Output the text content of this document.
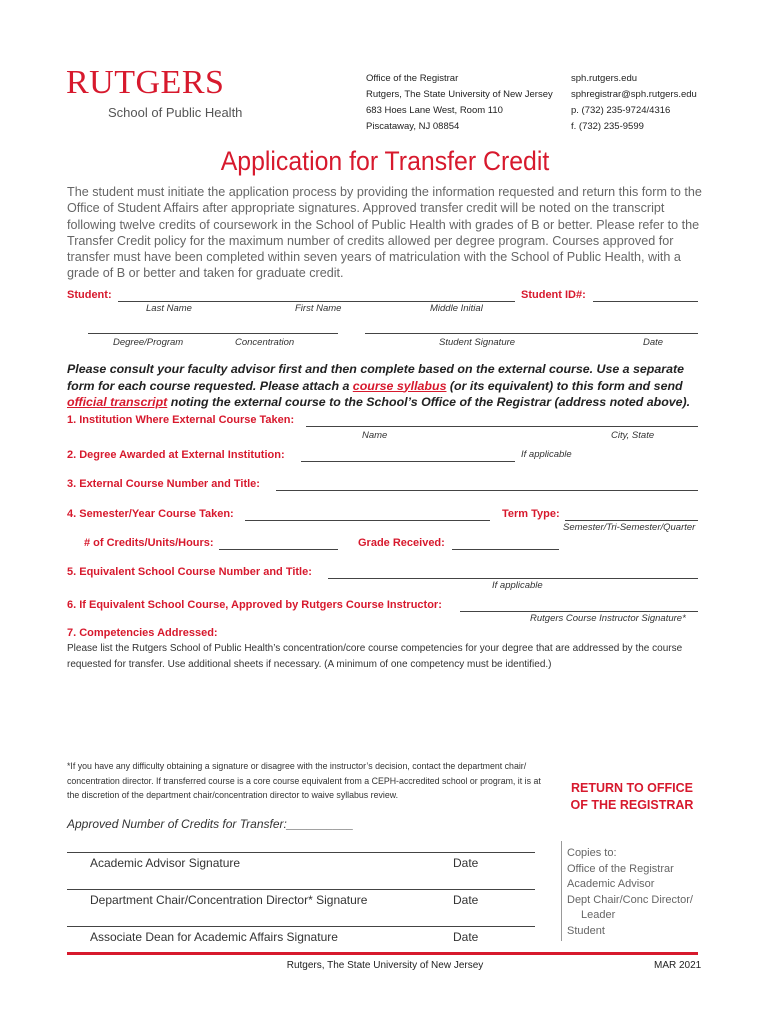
RUTGERS
School of Public Health
Office of the Registrar
Rutgers, The State University of New Jersey
683 Hoes Lane West, Room 110
Piscataway, NJ 08854
sph.rutgers.edu
sphregistrar@sph.rutgers.edu
p. (732) 235-9724/4316
f. (732) 235-9599
Application for Transfer Credit
The student must initiate the application process by providing the information requested and return this form to the Office of Student Affairs after appropriate signatures. Approved transfer credit will be noted on the transcript following twelve credits of coursework in the School of Public Health with grades of B or better. Please refer to the Transfer Credit policy for the maximum number of credits allowed per degree program. Courses approved for transfer must have been completed within seven years of matriculation with the School of Public Health, with a grade of B or better and taken for graduate credit.
Student:	Student ID#:
Last Name	First Name	Middle Initial
Degree/Program	Concentration	Student Signature	Date
Please consult your faculty advisor first and then complete based on the external course. Use a separate form for each course requested. Please attach a course syllabus (or its equivalent) to this form and send official transcript noting the external course to the School’s Office of the Registrar (address noted above).
1. Institution Where External Course Taken:
Name	City, State
2. Degree Awarded at External Institution:	If applicable
3. External Course Number and Title:
4. Semester/Year Course Taken:	Term Type:
Semester/Tri-Semester/Quarter
# of Credits/Units/Hours:	Grade Received:
5. Equivalent School Course Number and Title:
If applicable
6. If Equivalent School Course, Approved by Rutgers Course Instructor:
Rutgers Course Instructor Signature*
7. Competencies Addressed:
Please list the Rutgers School of Public Health’s concentration/core course competencies for your degree that are addressed by the course requested for transfer. Use additional sheets if necessary. (A minimum of one competency must be identified.)
*If you have any difficulty obtaining a signature or disagree with the instructor’s decision, contact the department chair/ concentration director. If transferred course is a core course equivalent from a CEPH-accredited school or program, it is at the discretion of the department chair/concentration director to waive syllabus review.	RETURN TO OFFICE OF THE REGISTRAR
Approved Number of Credits for Transfer:__________
Academic Advisor Signature	Date
Department Chair/Concentration Director* Signature	Date
Associate Dean for Academic Affairs Signature	Date
Copies to:
Office of the Registrar
Academic Advisor
Dept Chair/Conc Director/
Leader
Student
Rutgers, The State University of New Jersey	MAR 2021
